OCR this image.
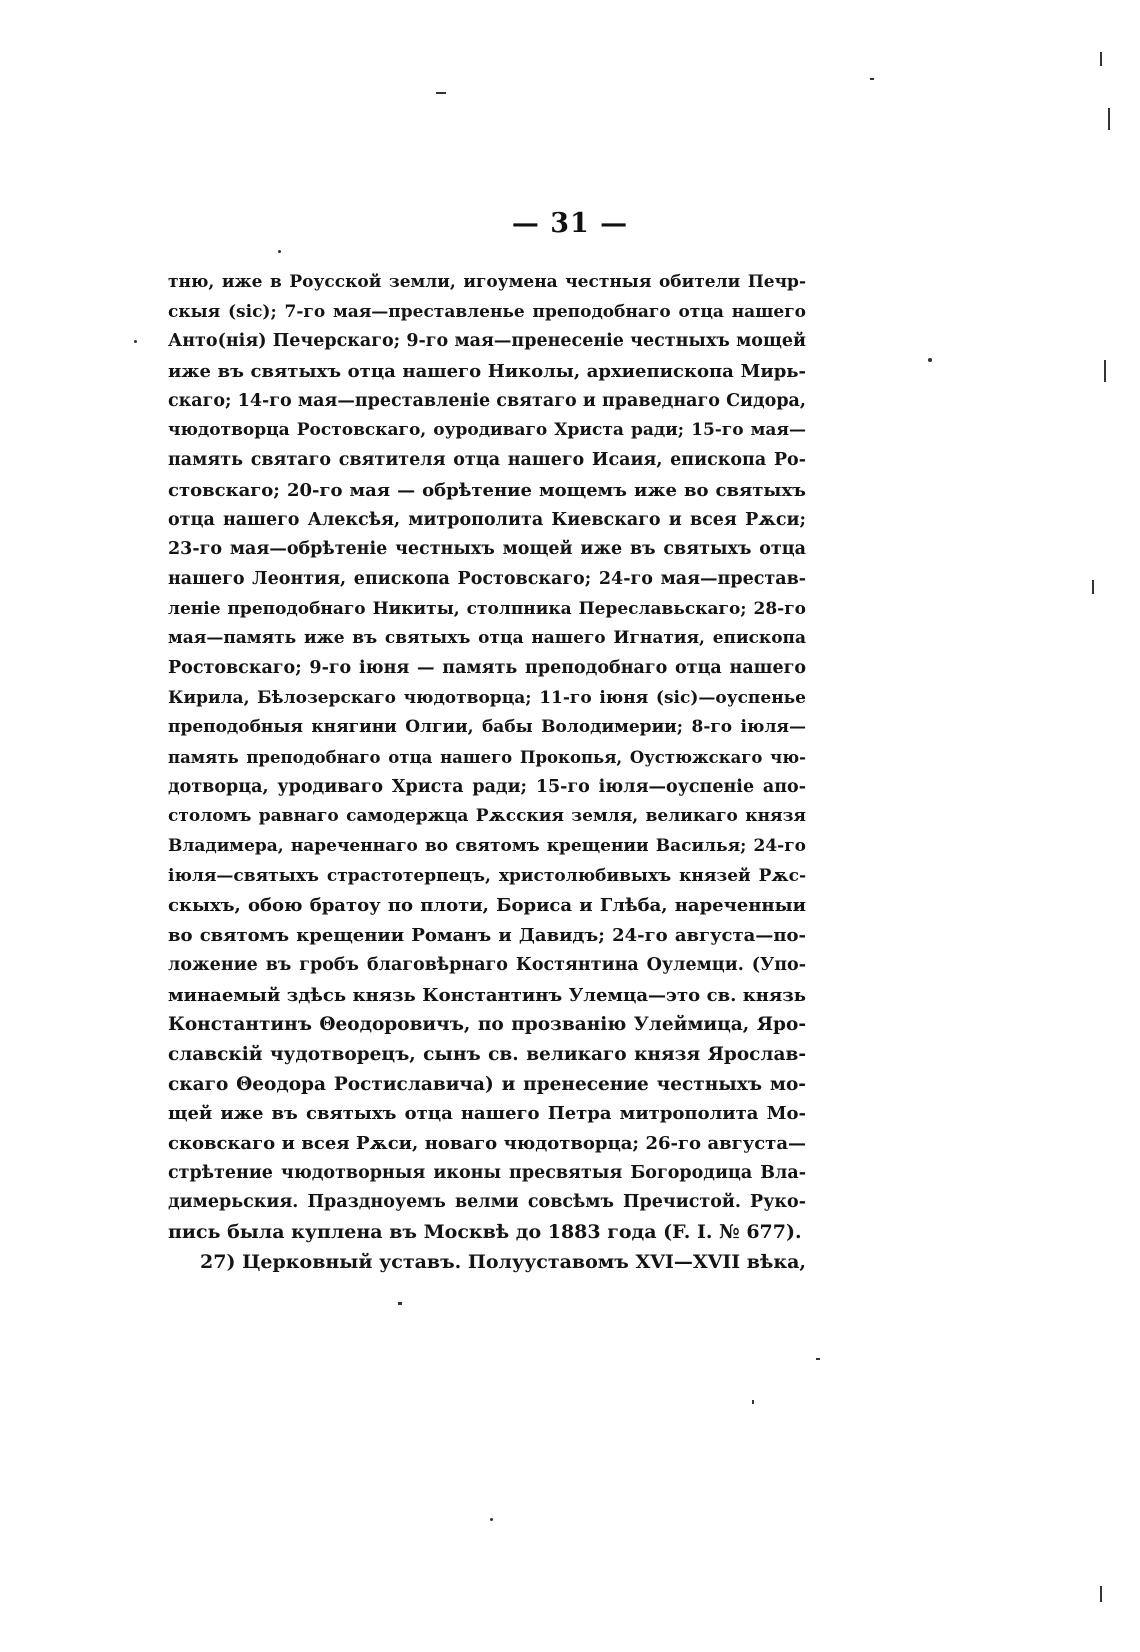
— 31 —
тню, иже в Роусской земли, игоумена честныя обители Печр-
скыя (sic); 7-го мая—преставленье преподобнаго отца нашего
Анто(нія) Печерскаго; 9-го мая—пренесеніе честныхъ мощей
иже въ святыхъ отца нашего Николы, архиепископа Мирь-
скаго; 14-го мая—преставленіе святаго и праведнаго Сидора,
чюдотворца Ростовскаго, оуродиваго Христа ради; 15-го мая—
память святаго святителя отца нашего Исаия, епископа Ро-
стовскаго; 20-го мая — обрѣтение мощемъ иже во святыхъ
отца нашего Алексѣя, митрополита Киевскаго и всея Рѫси;
23-го мая—обрѣтеніе честныхъ мощей иже въ святыхъ отца
нашего Леонтия, епископа Ростовскаго; 24-го мая—престав-
леніе преподобнаго Никиты, столпника Переславьскаго; 28-го
мая—память иже въ святыхъ отца нашего Игнатия, епископа
Ростовскаго; 9-го іюня — память преподобнаго отца нашего
Кирила, Бѣлозерскаго чюдотворца; 11-го іюня (sic)—оуспенье
преподобныя княгини Олгии, бабы Володимерии; 8-го іюля—
память преподобнаго отца нашего Прокопья, Оустюжскаго чю-
дотворца, уродиваго Христа ради; 15-го іюля—оуспеніе апо-
столомъ равнаго самодержца Рѫсския земля, великаго князя
Владимера, нареченнаго во святомъ крещении Василья; 24-го
іюля—святыхъ страстотерпецъ, христолюбивыхъ князей Рѫс-
скыхъ, обою братоу по плоти, Бориса и Глѣба, нареченныи
во святомъ крещении Романъ и Давидъ; 24-го августа—по-
ложение въ гробъ благовѣрнаго Костянтина Оулемци. (Упо-
минаемый здѣсь князь Константинъ Улемца—это св. князь
Константинъ Θеодоровичъ, по прозванію Улеймица, Яро-
славскій чудотворецъ, сынъ св. великаго князя Ярослав-
скаго Θеодора Ростиславича) и пренесение честныхъ мо-
щей иже въ святыхъ отца нашего Петра митрополита Мо-
сковскаго и всея Рѫси, новаго чюдотворца; 26-го августа—
стрѣтение чюдотворныя иконы пресвятыя Богородица Вла-
димерьския. Праздноуемъ велми совсѣмъ Пречистой. Руко-
пись была куплена въ Москвѣ до 1883 года (F. I. № 677).
27) Церковный уставъ. Полууставомъ XVI—XVII вѣка,
